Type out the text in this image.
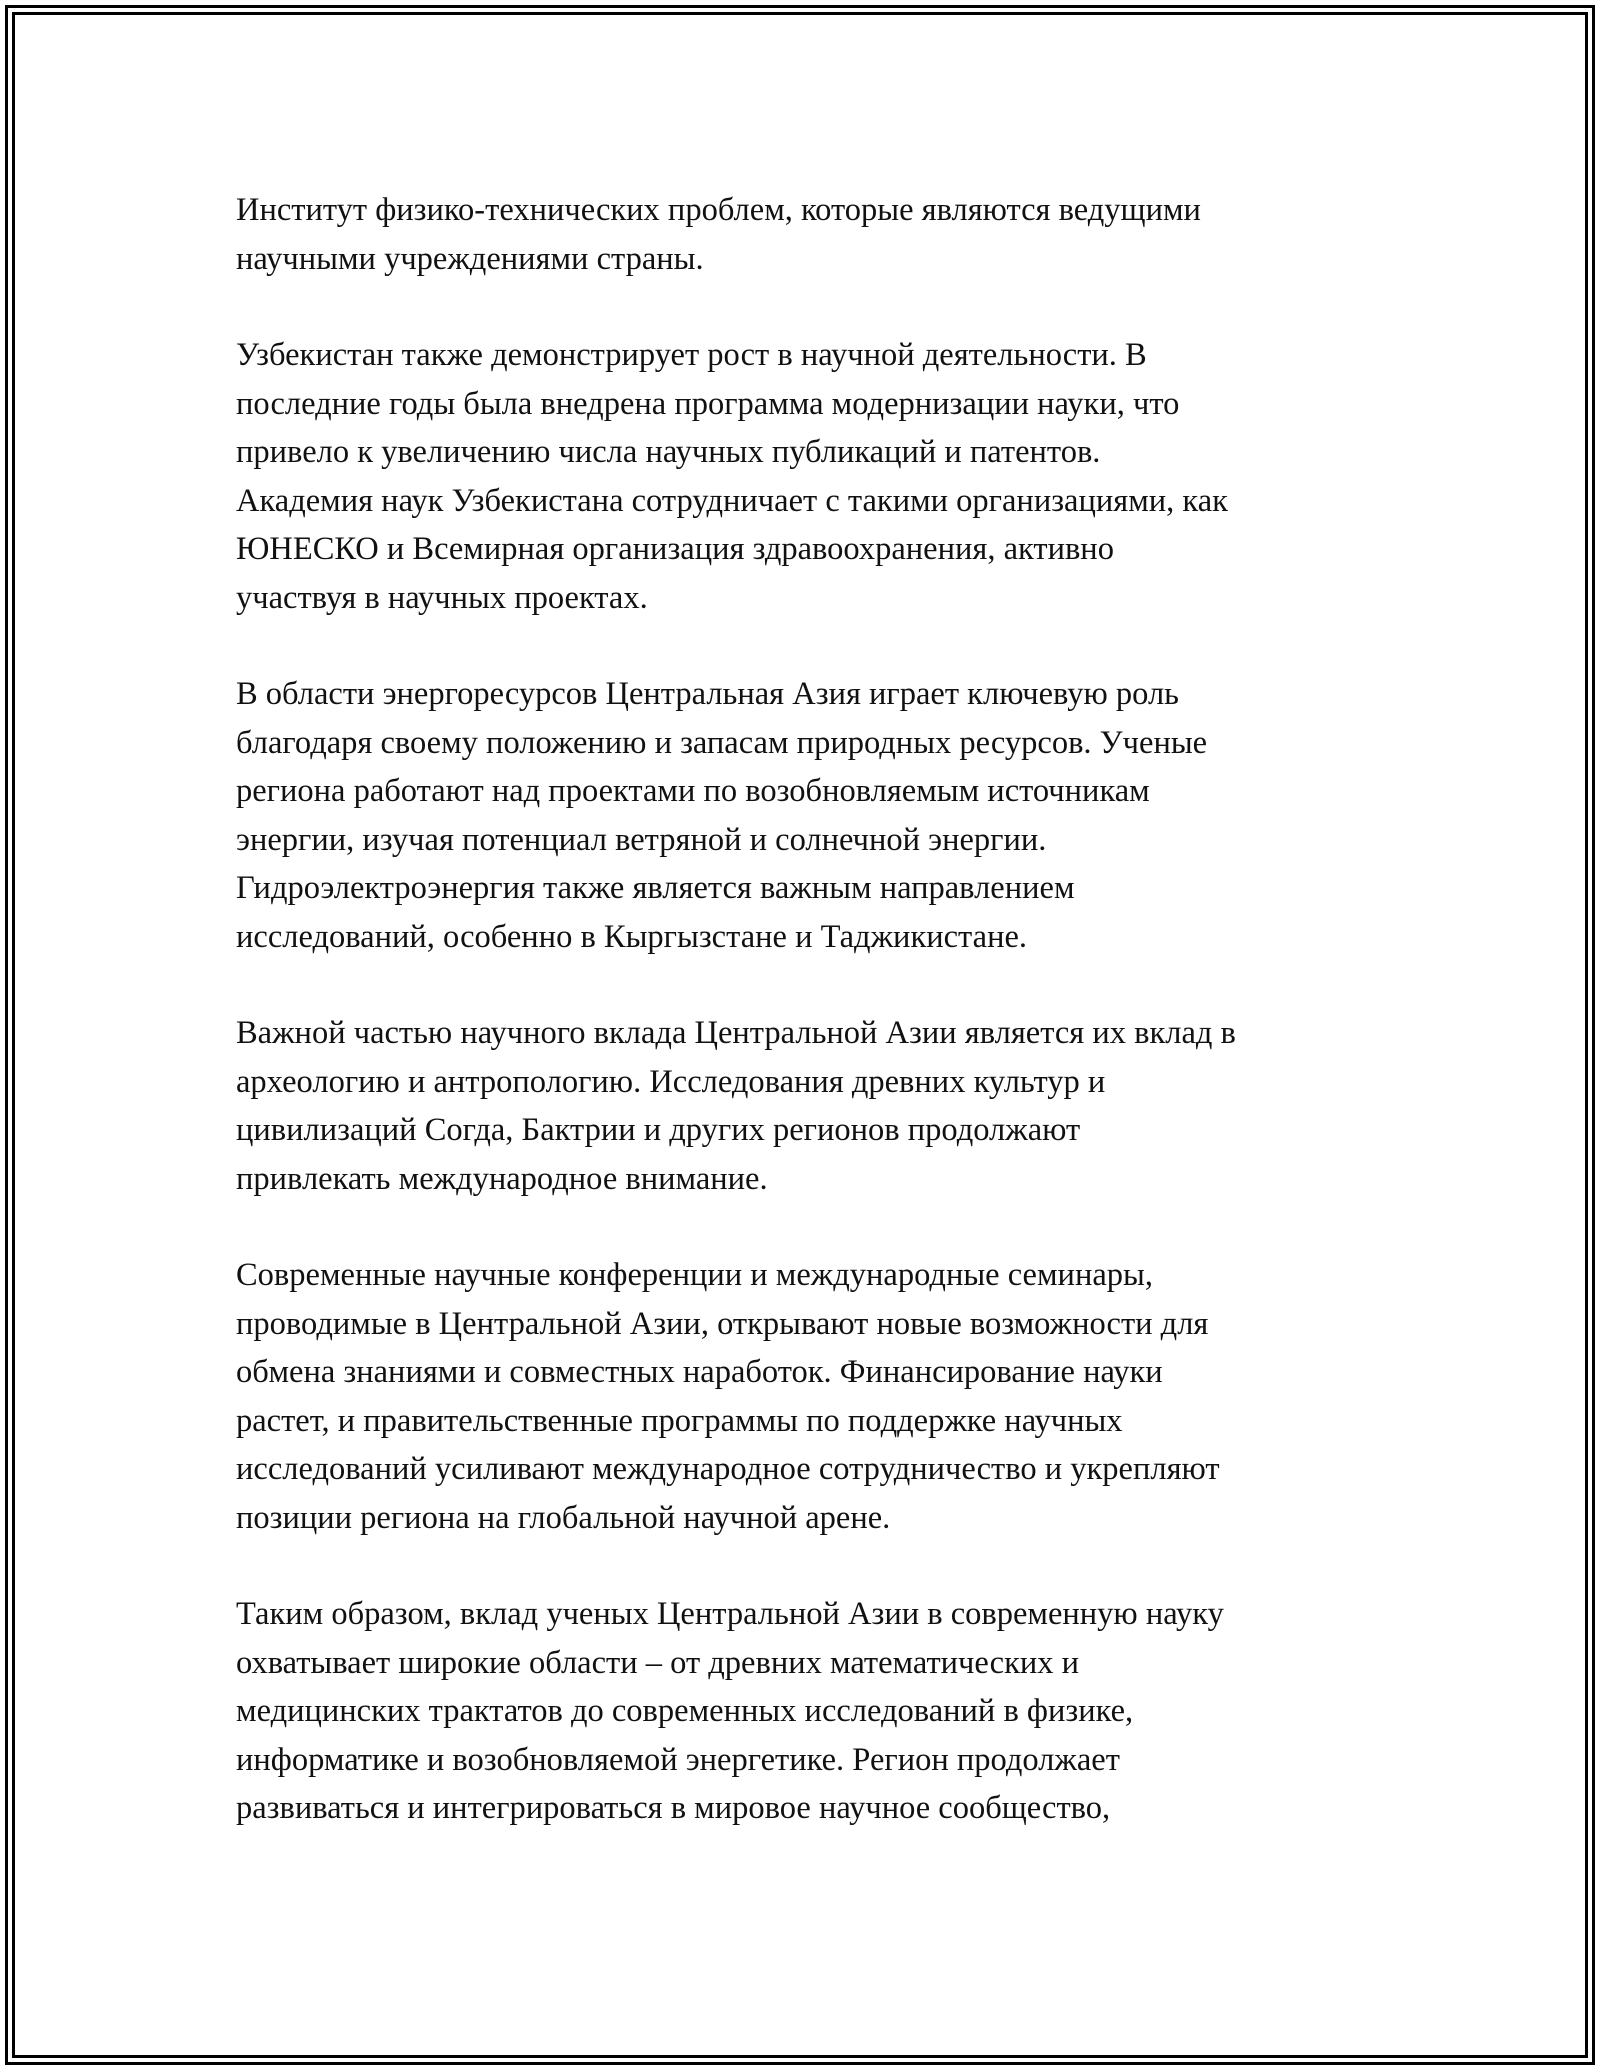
Институт физико-технических проблем, которые являются ведущими
научными учреждениями страны.

Узбекистан также демонстрирует рост в научной деятельности. В
последние годы была внедрена программа модернизации науки, что
привело к увеличению числа научных публикаций и патентов.
Академия наук Узбекистана сотрудничает с такими организациями, как
ЮНЕСКО и Всемирная организация здравоохранения, активно
участвуя в научных проектах.

В области энергоресурсов Центральная Азия играет ключевую роль
благодаря своему положению и запасам природных ресурсов. Ученые
региона работают над проектами по возобновляемым источникам
энергии, изучая потенциал ветряной и солнечной энергии.
Гидроэлектроэнергия также является важным направлением
исследований, особенно в Кыргызстане и Таджикистане.

Важной частью научного вклада Центральной Азии является их вклад в
археологию и антропологию. Исследования древних культур и
цивилизаций Согда, Бактрии и других регионов продолжают
привлекать международное внимание.

Современные научные конференции и международные семинары,
проводимые в Центральной Азии, открывают новые возможности для
обмена знаниями и совместных наработок. Финансирование науки
растет, и правительственные программы по поддержке научных
исследований усиливают международное сотрудничество и укрепляют
позиции региона на глобальной научной арене.

Таким образом, вклад ученых Центральной Азии в современную науку
охватывает широкие области – от древних математических и
медицинских трактатов до современных исследований в физике,
информатике и возобновляемой энергетике. Регион продолжает
развиваться и интегрироваться в мировое научное сообщество,
